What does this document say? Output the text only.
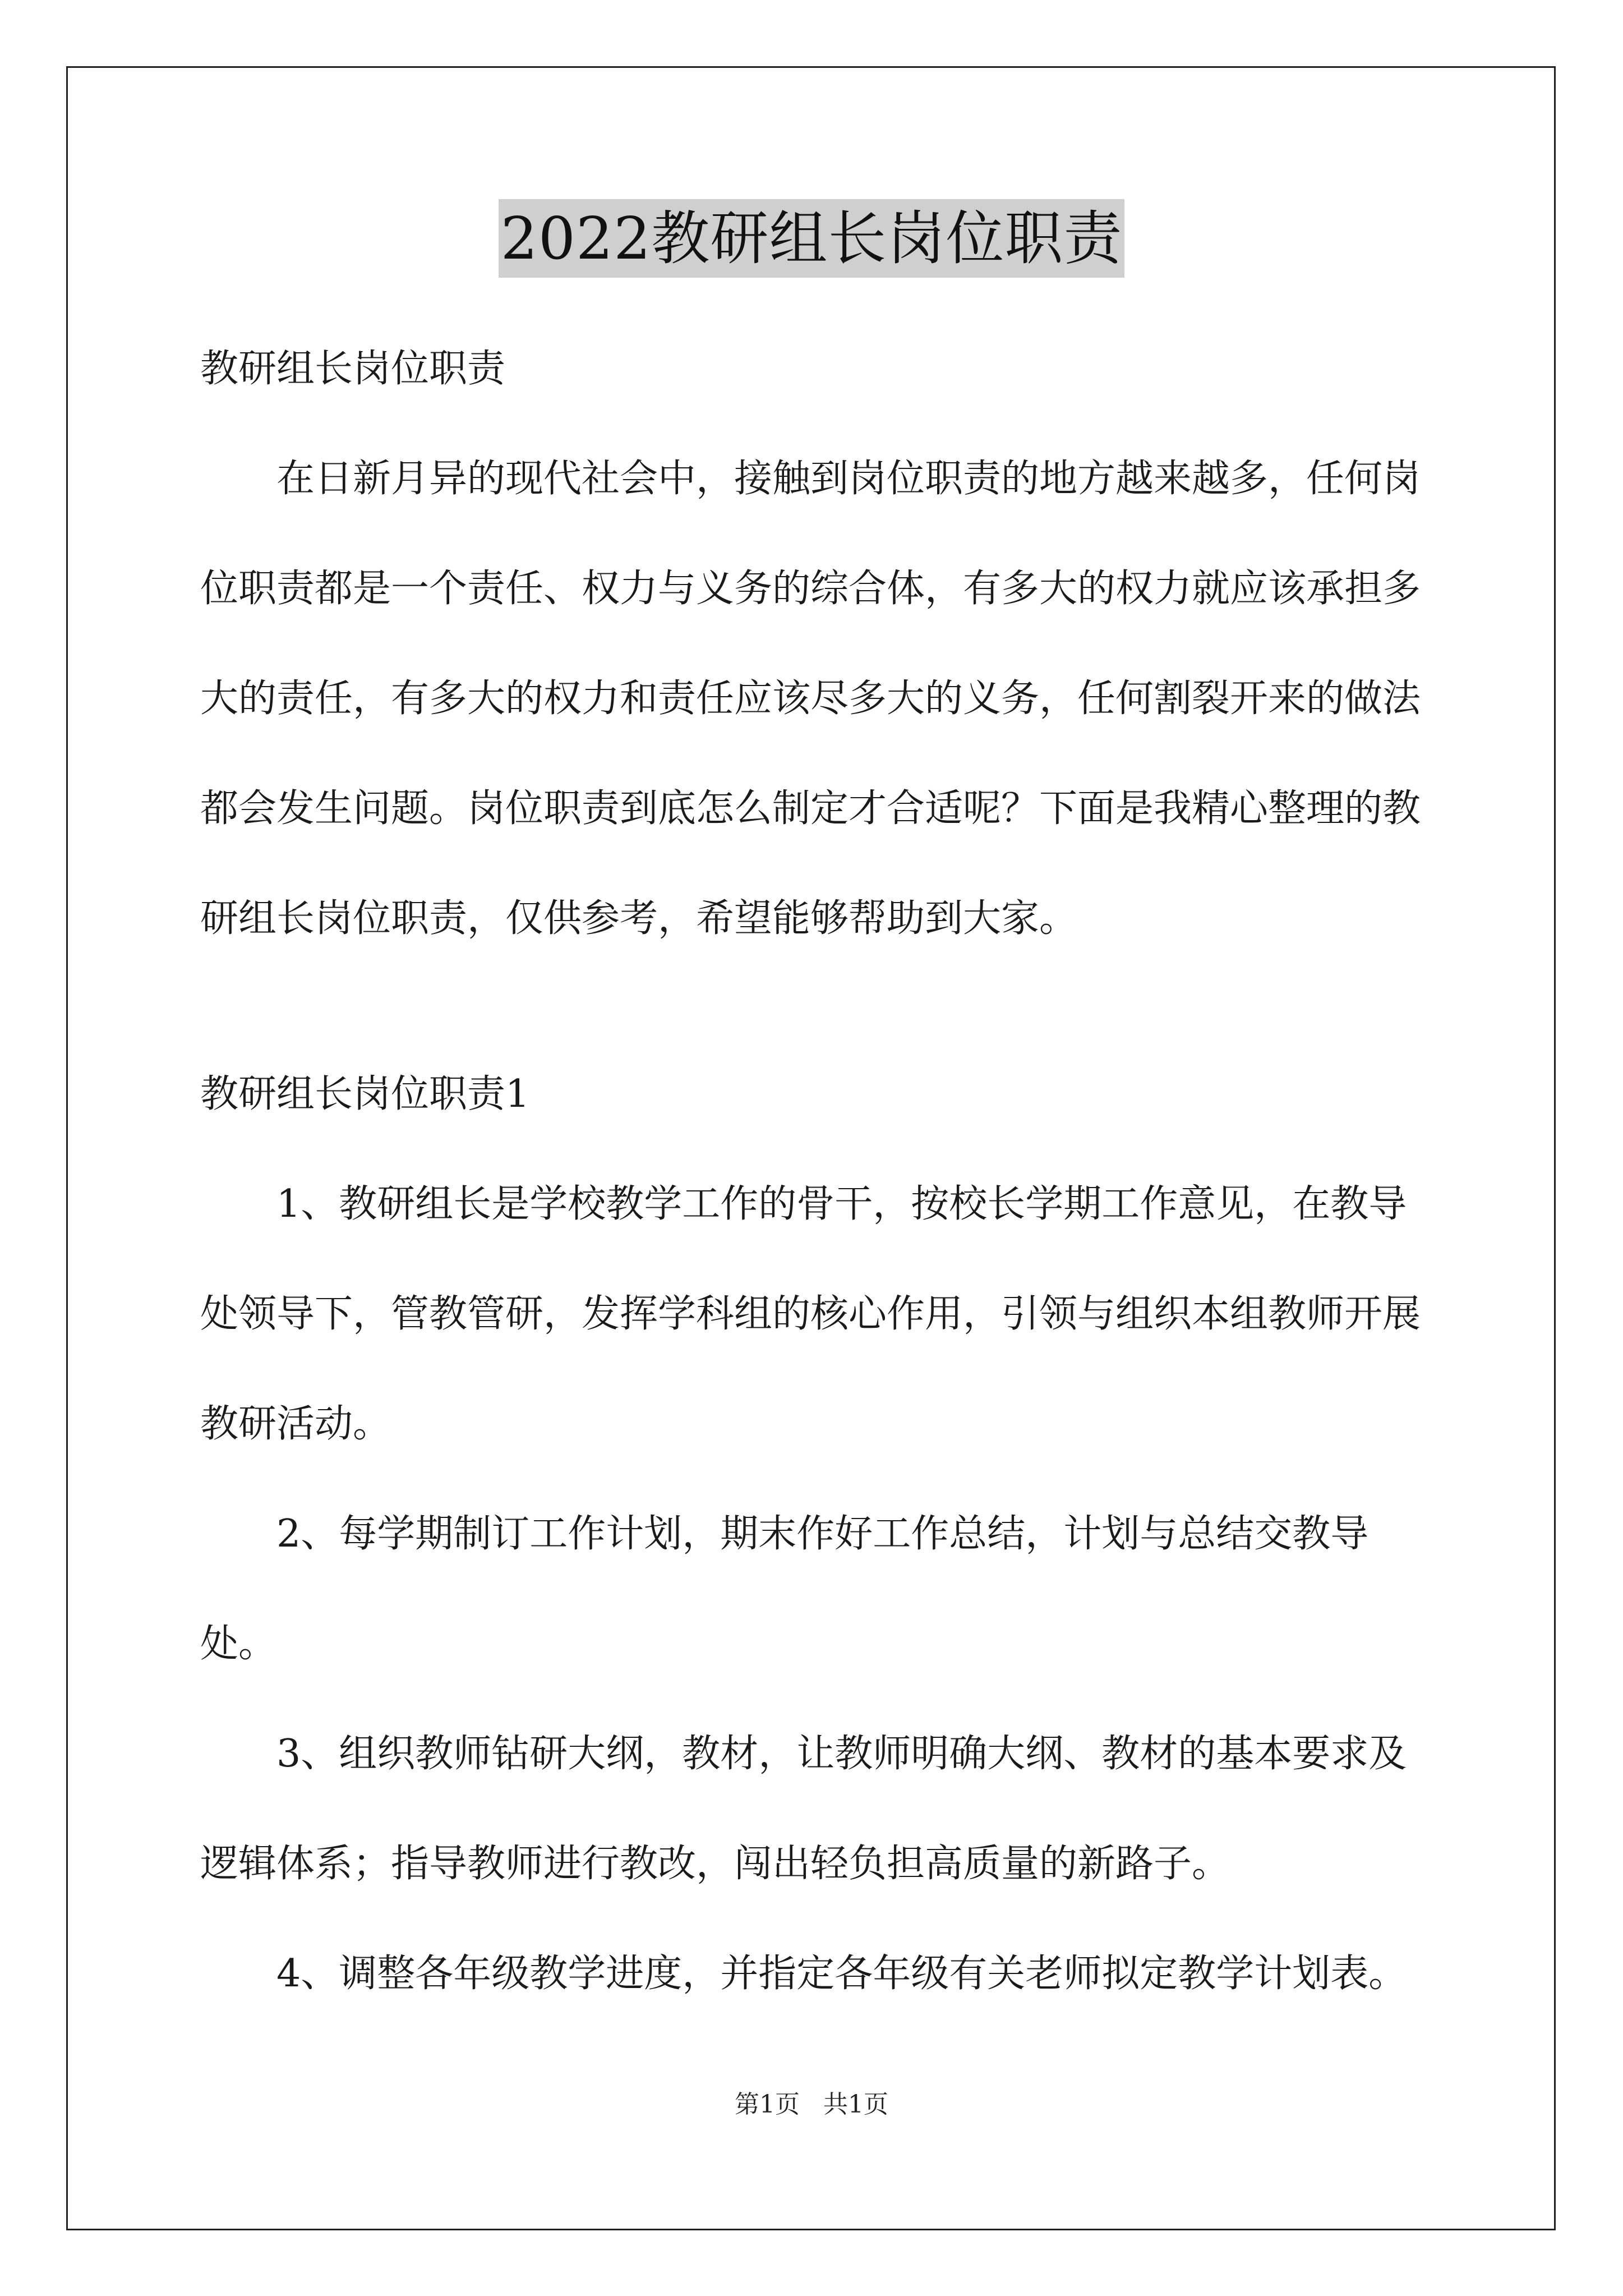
2022教研组长岗位职责

教研组长岗位职责

在日新月异的现代社会中，接触到岗位职责的地方越来越多，任何岗位职责都是一个责任、权力与义务的综合体，有多大的权力就应该承担多大的责任，有多大的权力和责任应该尽多大的义务，任何割裂开来的做法都会发生问题。岗位职责到底怎么制定才合适呢？下面是我精心整理的教研组长岗位职责，仅供参考，希望能够帮助到大家。

教研组长岗位职责1

1、教研组长是学校教学工作的骨干，按校长学期工作意见，在教导处领导下，管教管研，发挥学科组的核心作用，引领与组织本组教师开展教研活动。

2、每学期制订工作计划，期末作好工作总结，计划与总结交教导处。

3、组织教师钻研大纲，教材，让教师明确大纲、教材的基本要求及逻辑体系；指导教师进行教改，闯出轻负担高质量的新路子。

4、调整各年级教学进度，并指定各年级有关老师拟定教学计划表。

第1页 共1页
